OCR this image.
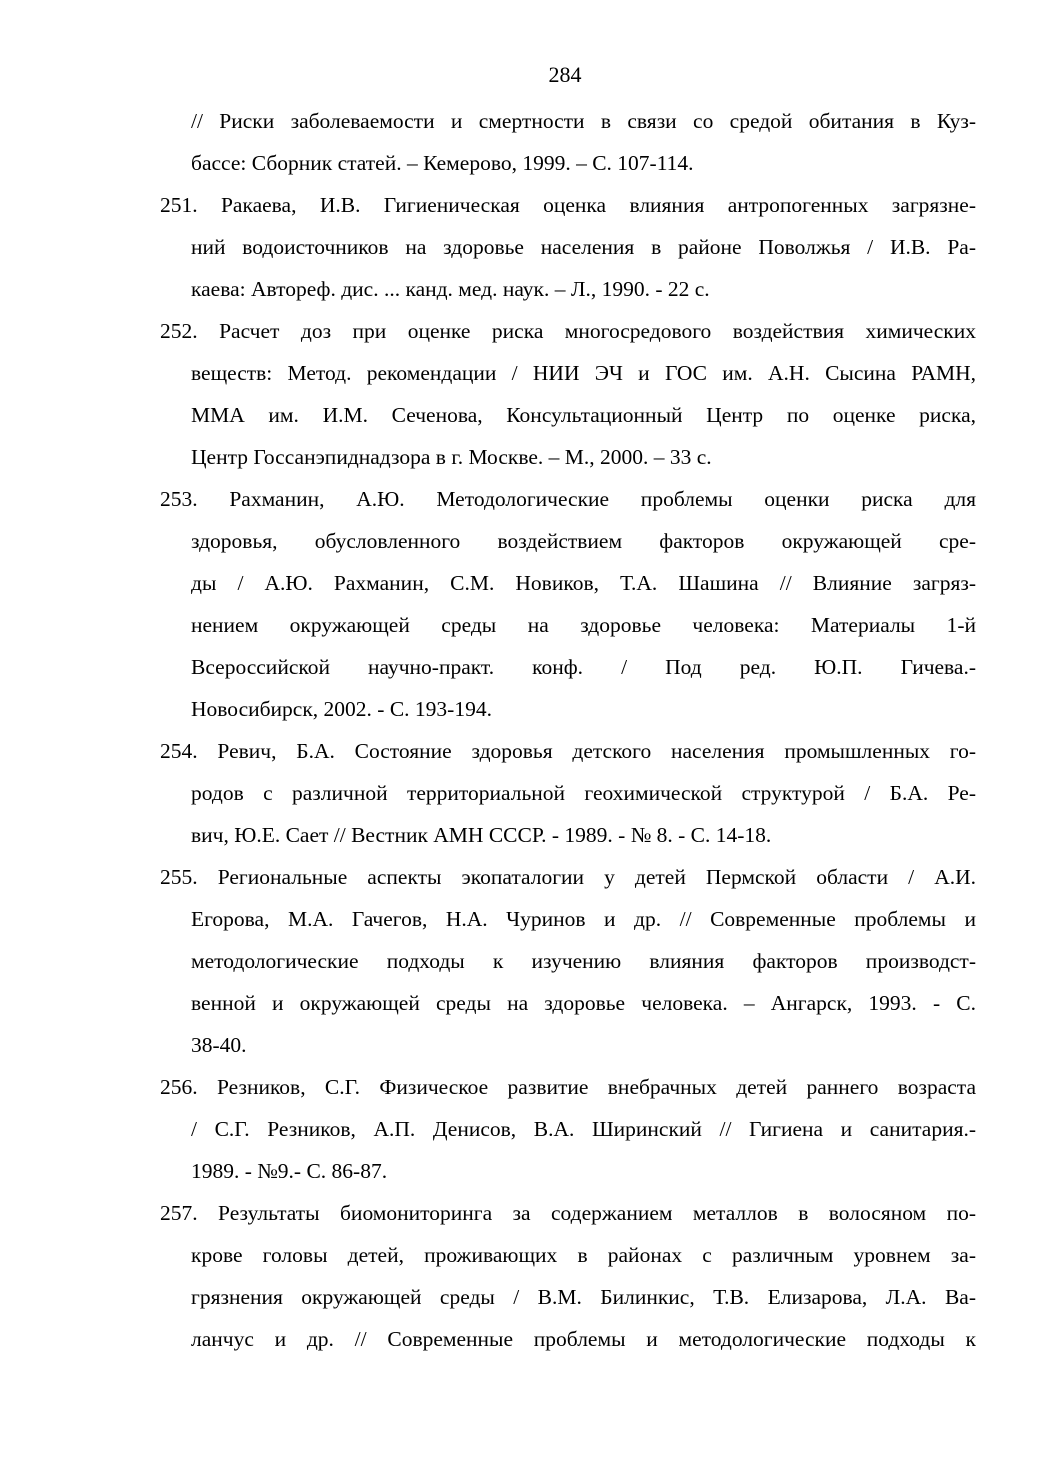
284
// Риски заболеваемости и смертности в связи со средой обитания в Куз-
бассе: Сборник статей. – Кемерово, 1999. – С. 107-114.
251. Ракаева, И.В. Гигиеническая оценка влияния антропогенных загрязне-
ний водоисточников на здоровье населения в районе Поволжья / И.В. Ра-
каева: Автореф. дис. ... канд. мед. наук. – Л., 1990. - 22 с.
252. Расчет доз при оценке риска многосредового воздействия химических
веществ: Метод. рекомендации / НИИ ЭЧ и ГОС им. А.Н. Сысина РАМН,
ММА им. И.М. Сеченова, Консультационный Центр по оценке риска,
Центр Госсанэпиднадзора в г. Москве. – М., 2000. – 33 с.
253. Рахманин, А.Ю. Методологические проблемы оценки риска для
здоровья, обусловленного воздействием факторов окружающей сре-
ды / А.Ю. Рахманин, С.М. Новиков, Т.А. Шашина // Влияние загряз-
нением окружающей среды на здоровье человека: Материалы 1-й
Всероссийской научно-практ. конф. / Под ред. Ю.П. Гичева.-
Новосибирск, 2002. - С. 193-194.
254. Ревич, Б.А. Состояние здоровья детского населения промышленных го-
родов с различной территориальной геохимической структурой / Б.А. Ре-
вич, Ю.Е. Сает // Вестник АМН СССР. - 1989. - № 8. - С. 14-18.
255. Региональные аспекты экопаталогии у детей Пермской области / А.И.
Егорова, М.А. Гачегов, Н.А. Чуринов и др. // Современные проблемы и
методологические подходы к изучению влияния факторов производст-
венной и окружающей среды на здоровье человека. – Ангарск, 1993. - С.
38-40.
256. Резников, С.Г. Физическое развитие внебрачных детей раннего возраста
/ С.Г. Резников, А.П. Денисов, В.А. Ширинский // Гигиена и санитария.-
1989. - №9.- С. 86-87.
257. Результаты биомониторинга за содержанием металлов в волосяном по-
крове головы детей, проживающих в районах с различным уровнем за-
грязнения окружающей среды / В.М. Билинкис, Т.В. Елизарова, Л.А. Ва-
ланчус и др. // Современные проблемы и методологические подходы к
